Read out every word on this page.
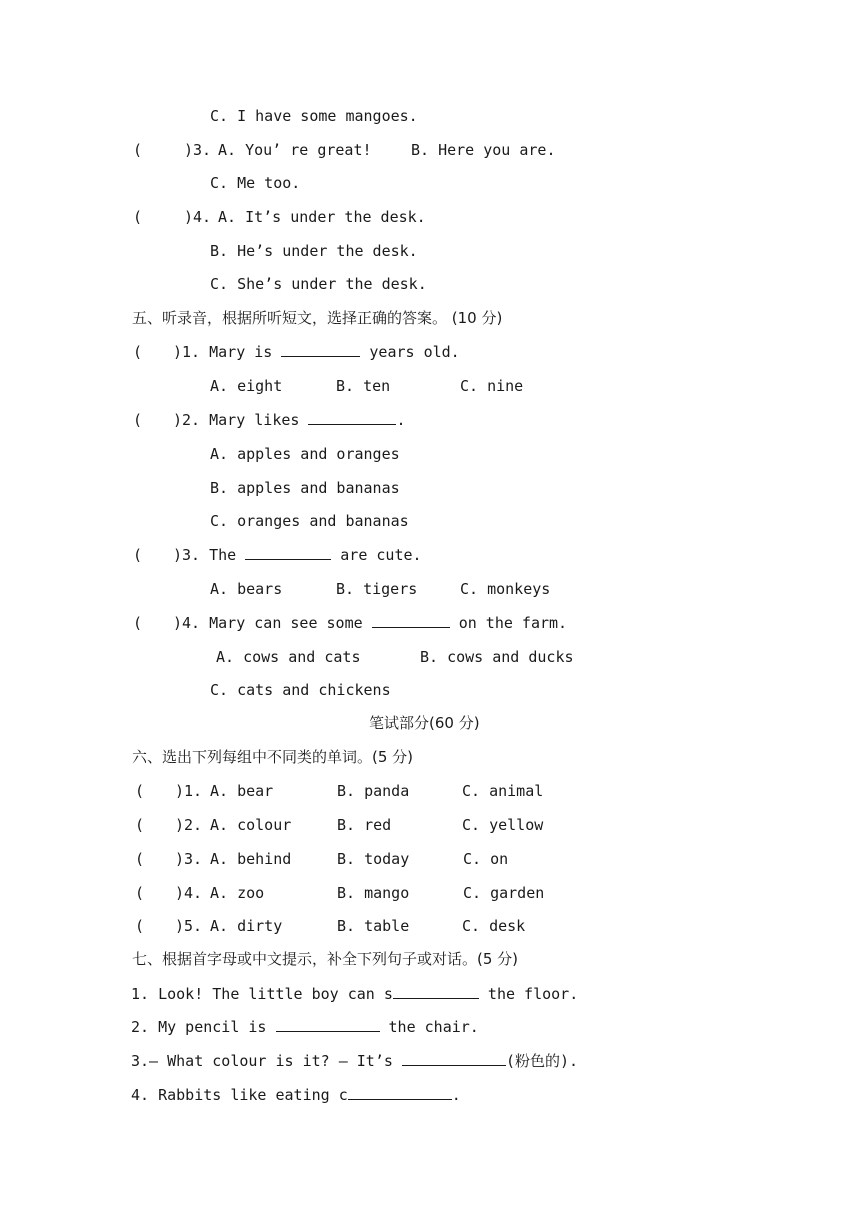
C. I have some mangoes.
(	)3. A. You’ re great!	B. Here you are.
C. Me too.
(	)4. A. It’s under the desk.
B. He’s under the desk.
C. She’s under the desk.
五、听录音，根据所听短文，选择正确的答案。 (10 分)
( )1. Mary is	years old.
A. eight	B. ten	C. nine
( )2. Mary likes	.
A. apples and oranges
B. apples and bananas
C. oranges and bananas
( )3. The	are cute.
A. bears	B. tigers	C. monkeys
( )4. Mary can see some	on the farm.
A. cows and cats	B. cows and ducks
C. cats and chickens
笔试部分(60 分)
六、选出下列每组中不同类的单词。(5 分)
( )1. A. bear	B. panda	C. animal
( )2. A. colour	B. red	C. yellow
( )3. A. behind	B. today	C. on
( )4. A. zoo	B. mango	C. garden
( )5. A. dirty	B. table	C. desk
七、根据首字母或中文提示，补全下列句子或对话。(5 分)
1. Look! The little boy can s	the floor.
2. My pencil is	the chair.
3.— What colour is it? — It’s	(粉色的).
4. Rabbits like eating c	.
